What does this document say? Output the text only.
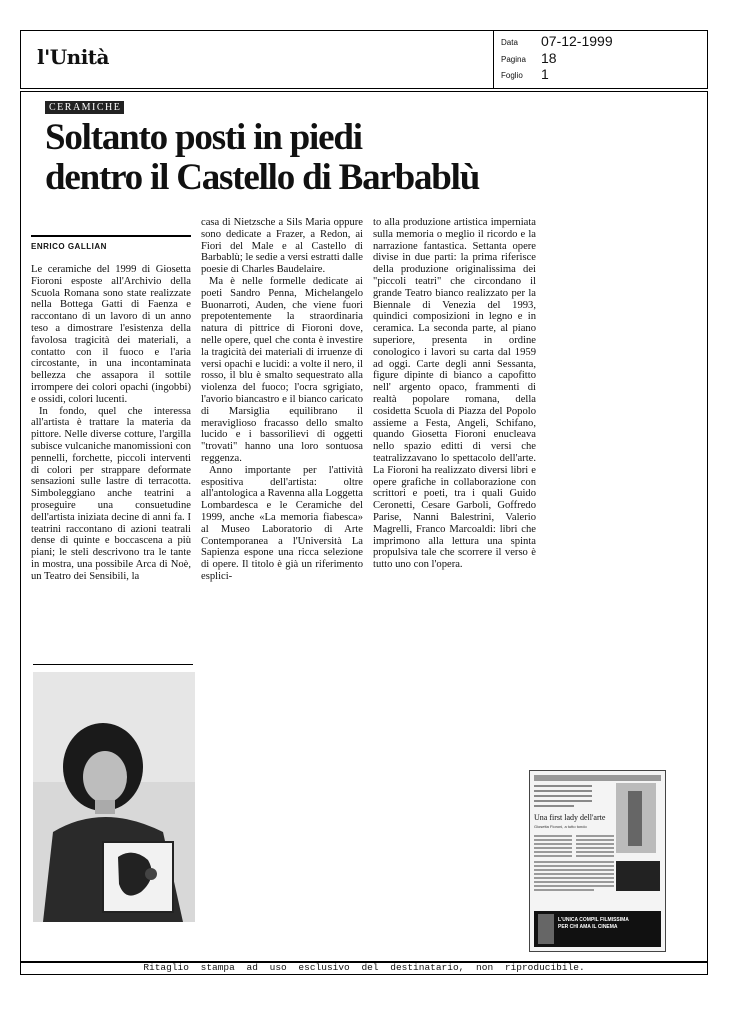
l'Unità
Data 07-12-1999
Pagina 18
Foglio 1
CERAMICHE
Soltanto posti in piedi
dentro il Castello di Barbablù
ENRICO GALLIAN

Le ceramiche del 1999 di Giosetta Fioroni esposte all'Archivio della Scuola Romana sono state realizzate nella Bottega Gatti di Faenza e raccontano di un lavoro di un anno teso a dimostrare l'esistenza della favolosa tragicità dei materiali, a contatto con il fuoco e l'aria circostante, in una incontaminata bellezza che assapora il sottile irrompere dei colori opachi (ingobbi) e ossidi, colori lucenti.

In fondo, quel che interessa all'artista è trattare la materia da pittore. Nelle diverse cotture, l'argilla subisce vulcaniche manomissioni con pennelli, forchette, piccoli interventi di colori per strappare deformate sensazioni sulle lastre di terracotta. Simboleggiano anche teatrini a proseguire una consuetudine dell'artista iniziata decine di anni fa. I teatrini raccontano di azioni teatrali dense di quinte e boccascena a più piani; le steli descrivono tra le tante in mostra, una possibile Arca di Noè, un Teatro dei Sensibili, la

casa di Nietzsche a Sils Maria oppure sono dedicate a Frazer, a Redon, ai Fiori del Male e al Castello di Barbablù; le sedie a versi estratti dalle poesie di Charles Baudelaire.

Ma è nelle formelle dedicate ai poeti Sandro Penna, Michelangelo Buonarroti, Auden, che viene fuori prepotentemente la straordinaria natura di pittrice di Fioroni dove, nelle opere, quel che conta è investire la tragicità dei materiali di irruenze di versi opachi e lucidi: a volte il nero, il rosso, il blu è smalto sequestrato alla violenza del fuoco; l'ocra sgrigiato, l'avorio biancastro e il bianco caricato di Marsiglia equilibrano il meraviglioso fracasso dello smalto lucido e i bassorilievi di oggetti "trovati" hanno una loro sontuosa reggenza.

Anno importante per l'attività espositiva dell'artista: oltre all'antologica a Ravenna alla Loggetta Lombardesca e le Ceramiche del 1999, anche «La memoria fiabesca» al Museo Laboratorio di Arte Contemporanea a l'Università La Sapienza espone una ricca selezione di opere. Il titolo è già un riferimento esplici-

to alla produzione artistica imperniata sulla memoria o meglio il ricordo e la narrazione fantastica. Settanta opere divise in due parti: la prima riferisce della produzione originalissima dei "piccoli teatri" che circondano il grande Teatro bianco realizzato per la Biennale di Venezia del 1993, quindici composizioni in legno e in ceramica. La seconda parte, al piano superiore, presenta in ordine conologico i lavori su carta dal 1959 ad oggi. Carte degli anni Sessanta, figure dipinte di bianco a capofitto nell' argento opaco, frammenti di realtà popolare romana, della cosidetta Scuola di Piazza del Popolo assieme a Festa, Angeli, Schifano, quando Giosetta Fioroni enucleava nello spazio editti di versi che teatralizzavano lo spettacolo dell'arte. La Fioroni ha realizzato diversi libri e opere grafiche in collaborazione con scrittori e poeti, tra i quali Guido Ceronetti, Cesare Garboli, Goffredo Parise, Nanni Balestrini, Valerio Magrelli, Franco Marcoaldi: libri che imprimono alla lettura una spinta propulsiva tale che scorrere il verso è tutto uno con l'opera.

Una first lady dell'arte
Giosetta Fioroni, a tutto tondo
L'UNICA COMPIL FILMISSIMA
PER CHI AMA IL CINEMA
Ritaglio stampa ad uso esclusivo del destinatario, non riproducibile.
